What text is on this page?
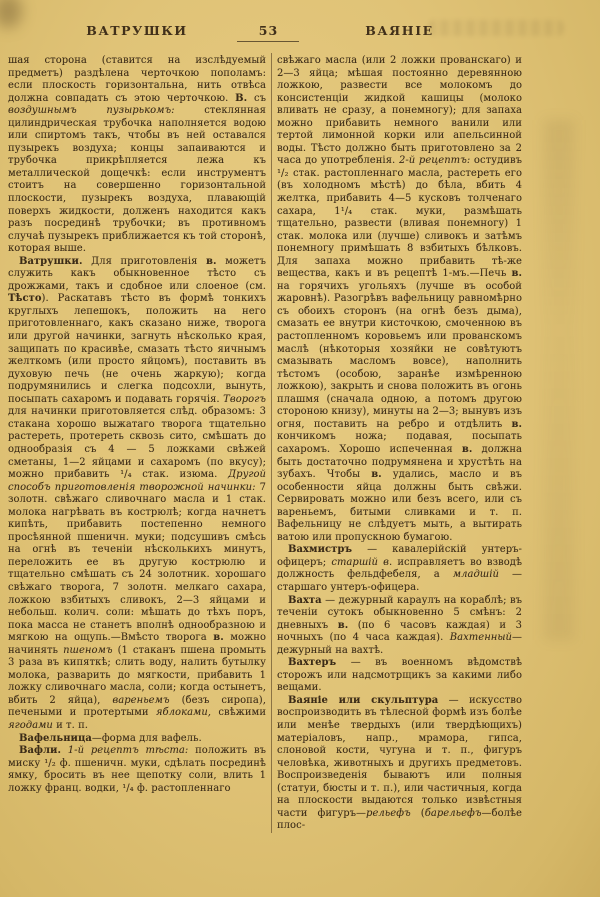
ВАТРУШКИ	53	ВАЯНІЕ

шая сторона (ставится на изслѣдуемый предметъ) раздѣлена черточкою пополамъ: если плоскость горизонтальна, нить отвѣса должна совпадать съ этою черточкою. В. съ воздушнымъ пузырькомъ: стеклянная цилиндрическая трубочка наполняется водою или спиртомъ такъ, чтобы въ ней оставался пузырекъ воздуха; концы запаиваются и трубочка прикрѣпляется лежа къ металлической дощечкѣ: если инструментъ стоитъ на совершенно горизонтальной плоскости, пузырекъ воздуха, плавающій поверхъ жидкости, долженъ находится какъ разъ посрединѣ трубочки; въ противномъ случаѣ пузырекъ приближается къ той сторонѣ, которая выше.

Ватрушки. Для приготовленія в. можетъ служить какъ обыкновенное тѣсто съ дрожжами, такъ и сдобное или слоеное (см. Тѣсто). Раскатавъ тѣсто въ формѣ тонкихъ круглыхъ лепешокъ, положить на него приготовленнаго, какъ сказано ниже, творога или другой начинки, загнуть нѣсколько края, защипать по красивѣе, смазать тѣсто яичнымъ желткомъ (или просто яйцомъ), поставить въ духовую печь (не очень жаркую); когда подрумянились и слегка подсохли, вынуть, посыпать сахаромъ и подавать горячія. Творогъ для начинки приготовляется слѣд. образомъ: 3 стакана хорошо выжатаго творога тщательно растереть, протереть сквозь сито, смѣшать до однообразія съ 4 — 5 ложками свѣжей сметаны, 1—2 яйцами и сахаромъ (по вкусу); можно прибавить ¹/₄ стак. изюма. Другой способъ приготовленія творожной начинки: 7 золотн. свѣжаго сливочнаго масла и 1 стак. молока нагрѣвать въ кострюлѣ; когда начнетъ кипѣть, прибавить постепенно немного просѣянной пшеничн. муки; подсушивъ смѣсь на огнѣ въ теченіи нѣсколькихъ минутъ, переложить ее въ другую кострюлю и тщательно смѣшать съ 24 золотник. хорошаго свѣжаго творога, 7 золотн. мелкаго сахара, ложкою взбитыхъ сливокъ, 2—3 яйцами и небольш. колич. соли: мѣшать до тѣхъ поръ, пока масса не станетъ вполнѣ однообразною и мягкою на ощупь.—Вмѣсто творога в. можно начинять пшеномъ (1 стаканъ пшена промыть 3 раза въ кипяткѣ; слить воду, налить бутылку молока, разварить до мягкости, прибавить 1 ложку сливочнаго масла, соли; когда остынетъ, вбить 2 яйца), вареньемъ (безъ сиропа), печеными и протертыми яблоками, свѣжими ягодами и т. п.

Вафельница—форма для вафель.

Вафли. 1-й рецептъ тѣста: положить въ миску ¹/₂ ф. пшеничн. муки, сдѣлать посрединѣ ямку, бросить въ нее щепотку соли, влить 1 ложку франц. водки, ¹/₄ ф. растопленнаго

свѣжаго масла (или 2 ложки прованскаго) и 2—3 яйца; мѣшая постоянно деревянною ложкою, развести все молокомъ до консистенціи жидкой кашицы (молоко вливать не сразу, а понемногу); для запаха можно прибавить немного ванили или тертой лимонной корки или апельсинной воды. Тѣсто должно быть приготовлено за 2 часа до употребленія. 2-й рецептъ: остудивъ ¹/₂ стак. растопленнаго масла, растереть его (въ холодномъ мѣстѣ) до бѣла, вбить 4 желтка, прибавить 4—5 кусковъ толченаго сахара, 1¹/₄ стак. муки, размѣшать тщательно, развести (вливая понемногу) 1 стак. молока или (лучше) сливокъ и затѣмъ понемногу примѣшать 8 взбитыхъ бѣлковъ. Для запаха можно прибавить тѣ-же вещества, какъ и въ рецептѣ 1-мъ.—Печь в. на горячихъ угольяхъ (лучше въ особой жаровнѣ). Разогрѣвъ вафельницу равномѣрно съ обоихъ сторонъ (на огнѣ безъ дыма), смазать ее внутри кисточкою, смоченною въ растопленномъ коровьемъ или прованскомъ маслѣ (нѣкоторыя хозяйки не совѣтуютъ смазывать масломъ вовсе), наполнить тѣстомъ (особою, заранѣе измѣренною ложкою), закрыть и снова положить въ огонь плашмя (сначала одною, а потомъ другою стороною книзу), минуты на 2—3; вынувъ изъ огня, поставить на ребро и отдѣлить в. кончикомъ ножа; подавая, посыпать сахаромъ. Хорошо испеченная в. должна быть достаточно подрумянена и хрустѣть на зубахъ. Чтобы в. удались, масло и въ особенности яйца должны быть свѣжи. Сервировать можно или безъ всего, или съ вареньемъ, битыми сливками и т. п. Вафельницу не слѣдуетъ мыть, а вытирать ватою или пропускною бумагою.

Вахмистръ — кавалерійскій унтеръ-офицеръ; старшій в. исправляетъ во взводѣ должность фельдфебеля, а младшій — старшаго унтеръ-офицера.

Вахта — дежурный караулъ на кораблѣ; въ теченіи сутокъ обыкновенно 5 смѣнъ: 2 дневныхъ в. (по 6 часовъ каждая) и 3 ночныхъ (по 4 часа каждая). Вахтенный—дежурный на вахтѣ.

Вахтеръ — въ военномъ вѣдомствѣ сторожъ или надсмотрщикъ за какими либо вещами.

Ваяніе или скульптура — искусство воспроизводить въ тѣлесной формѣ изъ болѣе или менѣе твердыхъ (или твердѣющихъ) матеріаловъ, напр., мрамора, гипса, слоновой кости, чугуна и т. п., фигуръ человѣка, животныхъ и другихъ предметовъ. Воспроизведенія бываютъ или полныя (статуи, бюсты и т. п.), или частичныя, когда на плоскости выдаются только извѣстныя части фигуръ—рельефъ (барельефъ—болѣе плос-
